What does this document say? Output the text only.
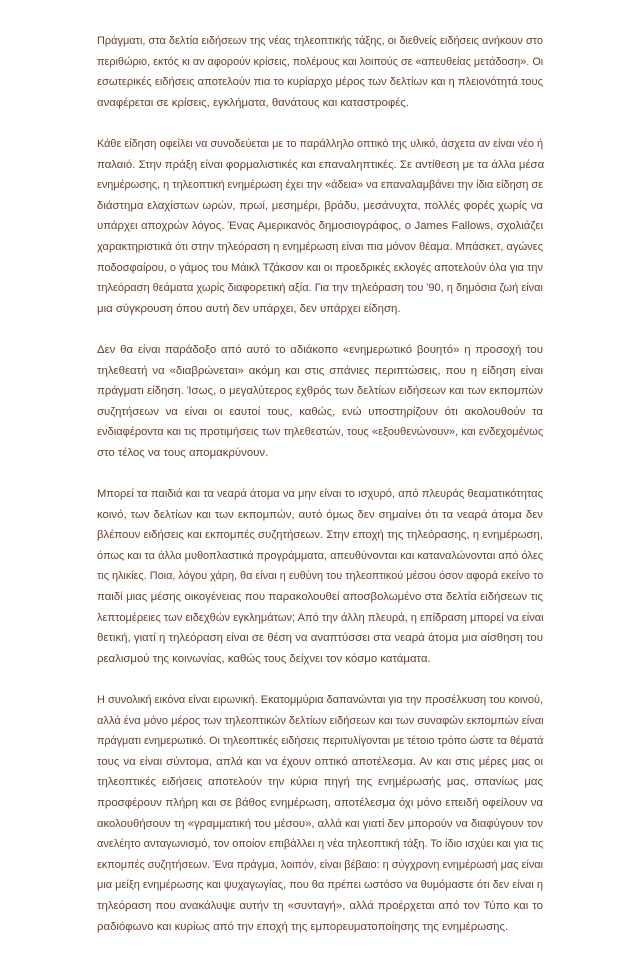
Πράγματι, στα δελτία ειδήσεων της νέας τηλεοπτικής τάξης, οι διεθνείς ειδήσεις ανήκουν στο
περιθώριο, εκτός κι αν αφορούν κρίσεις, πολέμους και λοιπούς σε «απευθείας μετάδοση». Οι
εσωτερικές ειδήσεις αποτελούν πια το κυρίαρχο μέρος των δελτίων και η πλειονότητά τους
αναφέρεται σε κρίσεις, εγκλήματα, θανάτους και καταστροφές.
Κάθε είδηση οφείλει να συνοδεύεται με το παράλληλο οπτικό της υλικό, άσχετα αν είναι νέο ή
παλαιό. Στην πράξη είναι φορμαλιστικές και επαναληπτικές. Σε αντίθεση με τα άλλα μέσα
ενημέρωσης, η τηλεοπτική ενημέρωση έχει την «άδεια» να επαναλαμβάνει την ίδια είδηση σε
διάστημα ελαχίστων ωρών, πρωί, μεσημέρι, βράδυ, μεσάνυχτα, πολλές φορές χωρίς να
υπάρχει αποχρών λόγος. Ένας Αμερικανός δημοσιογράφος, ο James Fallows, σχολιάζει
χαρακτηριστικά ότι στην τηλεόραση η ενημέρωση είναι πια μόνον θέαμα. Μπάσκετ, αγώνες
ποδοσφαίρου, ο γάμος του Μάικλ Τζάκσον και οι προεδρικές εκλογές αποτελούν όλα για την
τηλεόραση θεάματα χωρίς διαφορετική αξία. Για την τηλεόραση του '90, η δημόσια ζωή είναι
μια σύγκρουση όπου αυτή δεν υπάρχει, δεν υπάρχει είδηση.
Δεν θα είναι παράδοξο από αυτό το αδιάκοπο «ενημερωτικό βουητό» η προσοχή του
τηλεθεατή να «διαβρώνεται» ακόμη και στις σπάνιες περιπτώσεις, που η είδηση είναι
πράγματι είδηση. Ίσως, ο μεγαλύτερος εχθρός των δελτίων ειδήσεων και των εκπομπών
συζητήσεων να είναι οι εαυτοί τους, καθώς, ενώ υποστηρίζουν ότι ακολουθούν τα
ενδιαφέροντα και τις προτιμήσεις των τηλεθεατών, τους «εξουθενώνουν», και ενδεχομένως
στο τέλος να τους απομακρύνουν.
Μπορεί τα παιδιά και τα νεαρά άτομα να μην είναι το ισχυρό, από πλευράς θεαματικότητας
κοινό, των δελτίων και των εκπομπών, αυτό όμως δεν σημαίνει ότι τα νεαρά άτομα δεν
βλέπουν ειδήσεις και εκπομπές συζητήσεων. Στην εποχή της τηλεόρασης, η ενημέρωση,
όπως και τα άλλα μυθοπλαστικά προγράμματα, απευθύνονται και καταναλώνονται από όλες
τις ηλικίες. Ποια, λόγου χάρη, θα είναι η ευθύνη του τηλεοπτικού μέσου όσον αφορά εκείνο το
παιδί μιας μέσης οικογένειας που παρακολουθεί αποσβολωμένο στα δελτία ειδήσεων τις
λεπτομέρειες των ειδεχθών εγκλημάτων; Από την άλλη πλευρά, η επίδραση μπορεί να είναι
θετική, γιατί η τηλεόραση είναι σε θέση να αναπτύσσει στα νεαρά άτομα μια αίσθηση του
ρεαλισμού της κοινωνίας, καθώς τους δείχνει τον κόσμο κατάματα.
Η συνολική εικόνα είναι ειρωνική. Εκατομμύρια δαπανώνται για την προσέλκυση του κοινού,
αλλά ένα μόνο μέρος των τηλεοπτικών δελτίων ειδήσεων και των συναφών εκπομπών είναι
πράγματι ενημερωτικό. Οι τηλεοπτικές ειδήσεις περιτυλίγονται με τέτοιο τρόπο ώστε τα θέματά
τους να είναι σύντομα, απλά και να έχουν οπτικό αποτέλεσμα. Αν και στις μέρες μας οι
τηλεοπτικές ειδήσεις αποτελούν την κύρια πηγή της ενημέρωσής μας, σπανίως μας
προσφέρουν πλήρη και σε βάθος ενημέρωση, αποτέλεσμα όχι μόνο επειδή οφείλουν να
ακολουθήσουν τη «γραμματική του μέσου», αλλά και γιατί δεν μπορούν να διαφύγουν τον
ανελέητο ανταγωνισμό, τον οποίον επιβάλλει η νέα τηλεοπτική τάξη. Το ίδιο ισχύει και για τις
εκπομπές συζητήσεων. Ένα πράγμα, λοιπόν, είναι βέβαιο: η σύγχρονη ενημέρωσή μας είναι
μια μείξη ενημέρωσης και ψυχαγωγίας, που θα πρέπει ωστόσο να θυμόμαστε ότι δεν είναι η
τηλεόραση που ανακάλυψε αυτήν τη «συνταγή», αλλά προέρχεται από τον Τύπο και το
ραδιόφωνο και κυρίως από την εποχή της εμπορευματοποίησης της ενημέρωσης.
